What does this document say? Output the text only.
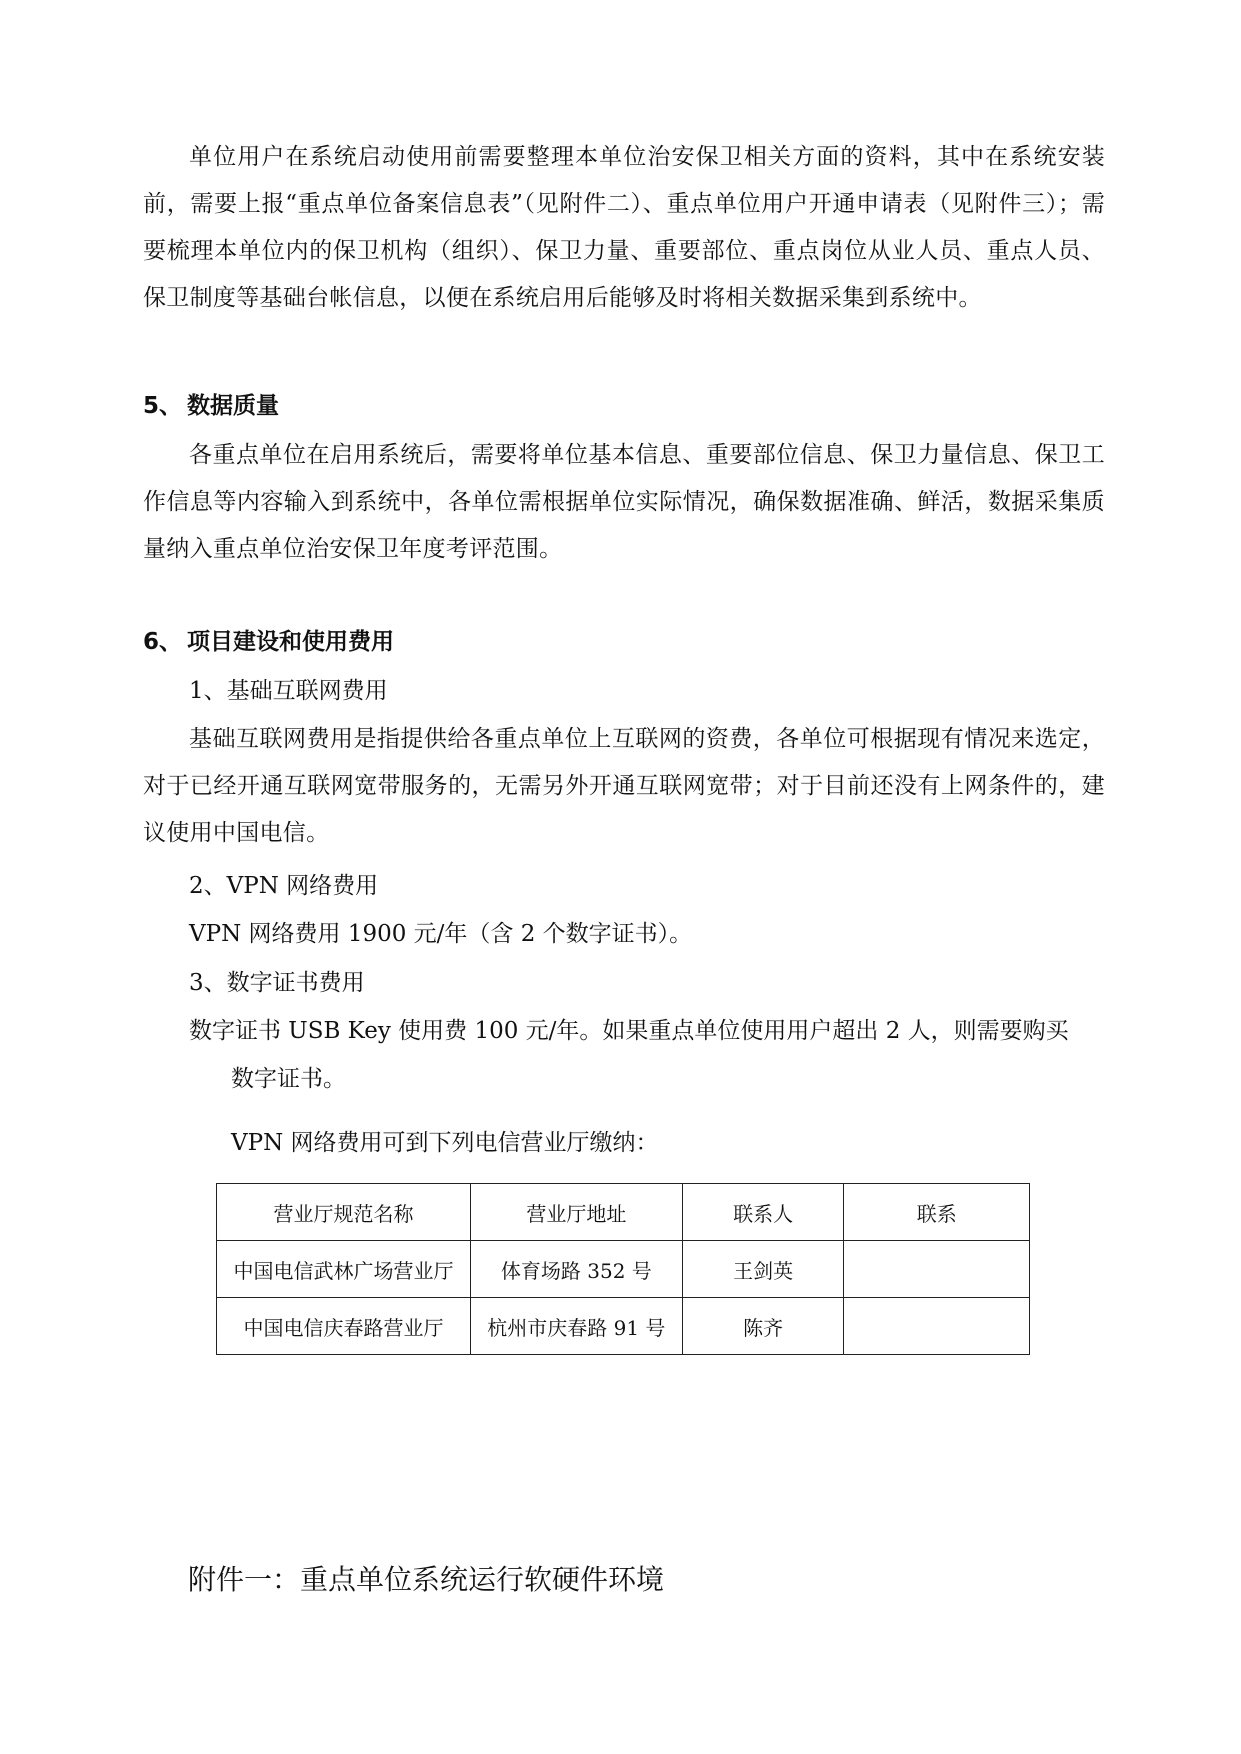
单位用户在系统启动使用前需要整理本单位治安保卫相关方面的资料，其中在系统安装前，需要上报“重点单位备案信息表”（见附件二）、重点单位用户开通申请表（见附件三）；需要梳理本单位内的保卫机构（组织）、保卫力量、重要部位、重点岗位从业人员、重点人员、保卫制度等基础台帐信息，以便在系统启用后能够及时将相关数据采集到系统中。

5、 数据质量

各重点单位在启用系统后，需要将单位基本信息、重要部位信息、保卫力量信息、保卫工作信息等内容输入到系统中，各单位需根据单位实际情况，确保数据准确、鲜活，数据采集质量纳入重点单位治安保卫年度考评范围。

6、 项目建设和使用费用
1、基础互联网费用

基础互联网费用是指提供给各重点单位上互联网的资费，各单位可根据现有情况来选定，对于已经开通互联网宽带服务的，无需另外开通互联网宽带；对于目前还没有上网条件的，建议使用中国电信。

2、VPN 网络费用
VPN 网络费用 1900 元/年（含 2 个数字证书）。
3、数字证书费用
数字证书 USB Key 使用费 100 元/年。如果重点单位使用用户超出 2 人，则需要购买
数字证书。
VPN 网络费用可到下列电信营业厅缴纳：
营业厅规范名称	营业厅地址	联系人	联系
中国电信武林广场营业厅	体育场路 352 号	王剑英	
中国电信庆春路营业厅	杭州市庆春路 91 号	陈齐	
附件一：重点单位系统运行软硬件环境
